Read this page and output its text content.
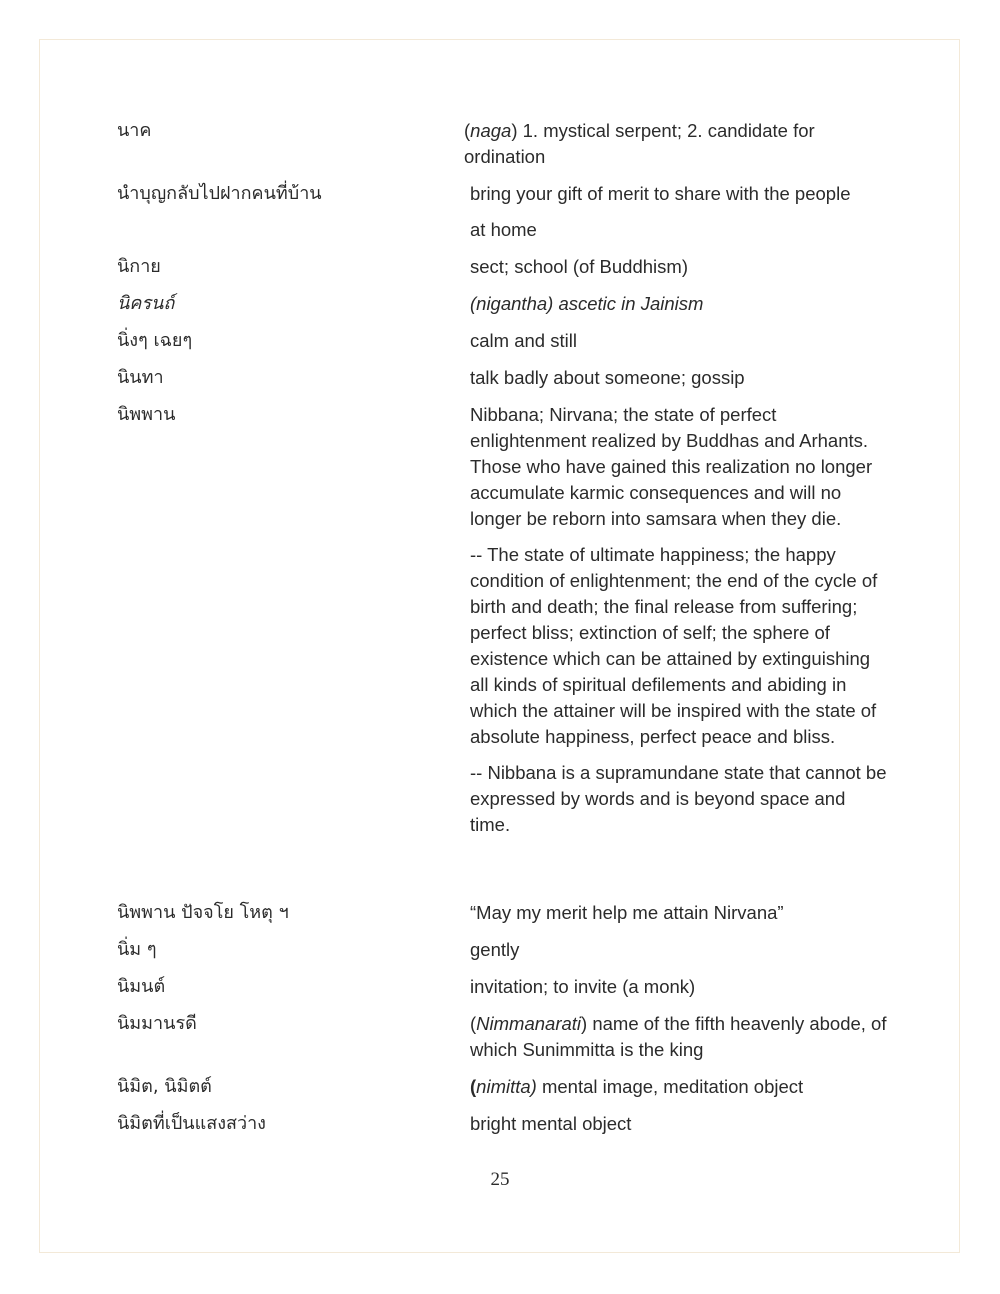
นาค	(naga) 1. mystical serpent; 2. candidate for ordination
นำบุญกลับไปฝากคนที่บ้าน	bring your gift of merit to share with the people
at home
นิกาย	sect; school (of Buddhism)
นิครนถ์	(nigantha) ascetic in Jainism
นิ่งๆ เฉยๆ	calm and still
นินทา	talk badly about someone; gossip
นิพพาน	Nibbana; Nirvana; the state of perfect enlightenment realized by Buddhas and Arhants. Those who have gained this realization no longer accumulate karmic consequences and will no longer be reborn into samsara when they die.

-- The state of ultimate happiness; the happy condition of enlightenment; the end of the cycle of birth and death; the final release from suffering; perfect bliss; extinction of self; the sphere of existence which can be attained by extinguishing all kinds of spiritual defilements and abiding in which the attainer will be inspired with the state of absolute happiness, perfect peace and bliss.

-- Nibbana is a supramundane state that cannot be expressed by words and is beyond space and time.

นิพพาน ปัจจโย โหตุ ฯ	“May my merit help me attain Nirvana”
นิ่ม ๆ	gently
นิมนต์	invitation; to invite (a monk)
นิมมานรดี	(Nimmanarati) name of the fifth heavenly abode, of which Sunimmitta is the king
นิมิต, นิมิตต์	(nimitta) mental image, meditation object
นิมิตที่เป็นแสงสว่าง	bright mental object
25
